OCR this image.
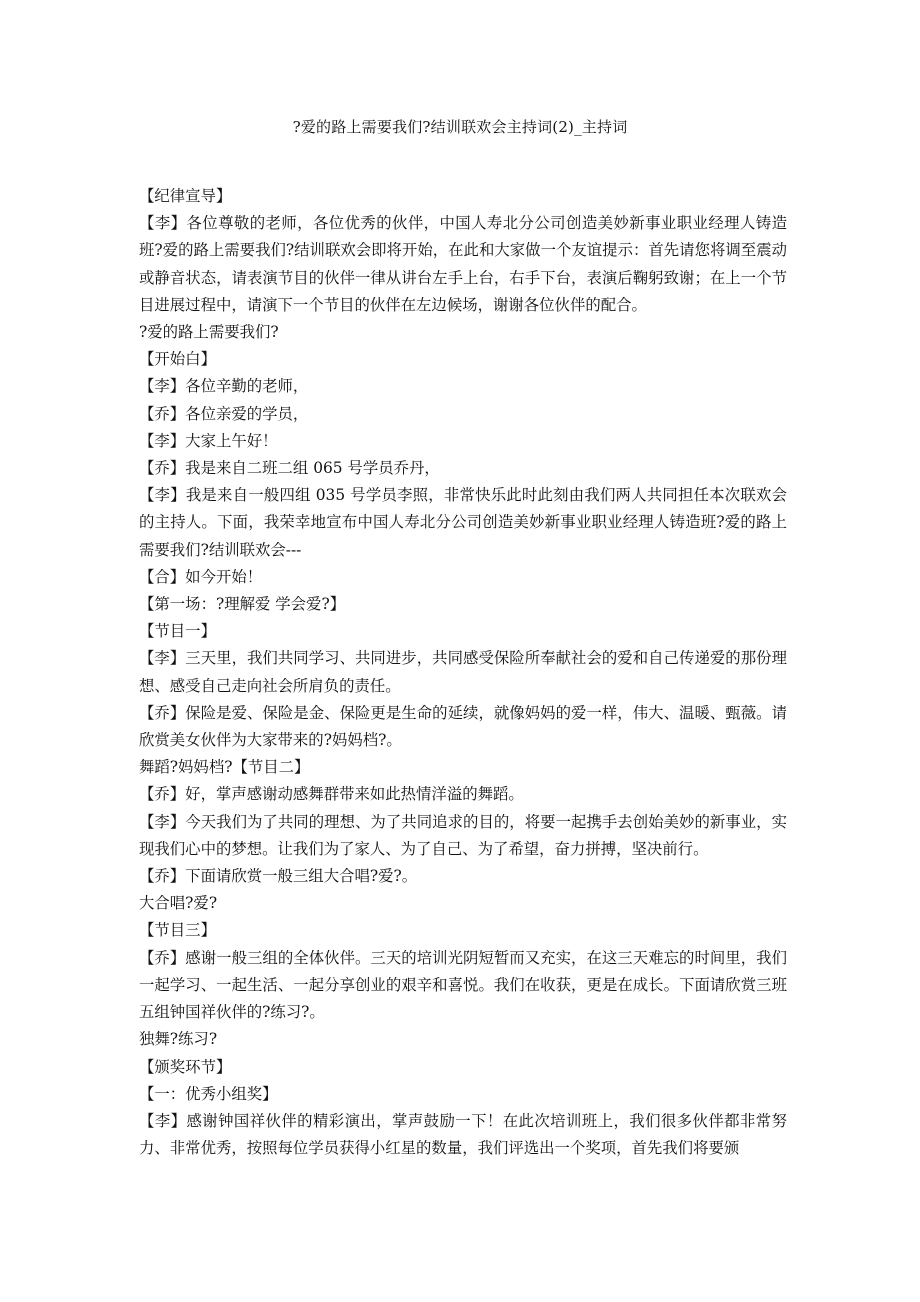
?爱的路上需要我们?结训联欢会主持词(2)_主持词

【纪律宣导】

【李】各位尊敬的老师，各位优秀的伙伴，中国人寿北分公司创造美妙新事业职业经理人铸造班?爱的路上需要我们?结训联欢会即将开始，在此和大家做一个友谊提示：首先请您将调至震动或静音状态，请表演节目的伙伴一律从讲台左手上台，右手下台，表演后鞠躬致谢；在上一个节目进展过程中，请演下一个节目的伙伴在左边候场，谢谢各位伙伴的配合。

?爱的路上需要我们?

【开始白】

【李】各位辛勤的老师，

【乔】各位亲爱的学员，

【李】大家上午好！

【乔】我是来自二班二组 065 号学员乔丹，

【李】我是来自一般四组 035 号学员李照，非常快乐此时此刻由我们两人共同担任本次联欢会的主持人。下面，我荣幸地宣布中国人寿北分公司创造美妙新事业职业经理人铸造班?爱的路上需要我们?结训联欢会---

【合】如今开始！

【第一场：?理解爱 学会爱?】

【节目一】

【李】三天里，我们共同学习、共同进步，共同感受保险所奉献社会的爱和自己传递爱的那份理想、感受自己走向社会所肩负的责任。

【乔】保险是爱、保险是金、保险更是生命的延续，就像妈妈的爱一样，伟大、温暖、甄薇。请欣赏美女伙伴为大家带来的?妈妈档?。

舞蹈?妈妈档?【节目二】

【乔】好，掌声感谢动感舞群带来如此热情洋溢的舞蹈。

【李】今天我们为了共同的理想、为了共同追求的目的，将要一起携手去创始美妙的新事业，实现我们心中的梦想。让我们为了家人、为了自己、为了希望，奋力拼搏，坚决前行。

【乔】下面请欣赏一般三组大合唱?爱?。

大合唱?爱?

【节目三】

【乔】感谢一般三组的全体伙伴。三天的培训光阴短暂而又充实，在这三天难忘的时间里，我们一起学习、一起生活、一起分享创业的艰辛和喜悦。我们在收获，更是在成长。下面请欣赏三班五组钟国祥伙伴的?练习?。

独舞?练习?

【颁奖环节】

【一：优秀小组奖】

【李】感谢钟国祥伙伴的精彩演出，掌声鼓励一下！在此次培训班上，我们很多伙伴都非常努力、非常优秀，按照每位学员获得小红星的数量，我们评选出一个奖项，首先我们将要颁
